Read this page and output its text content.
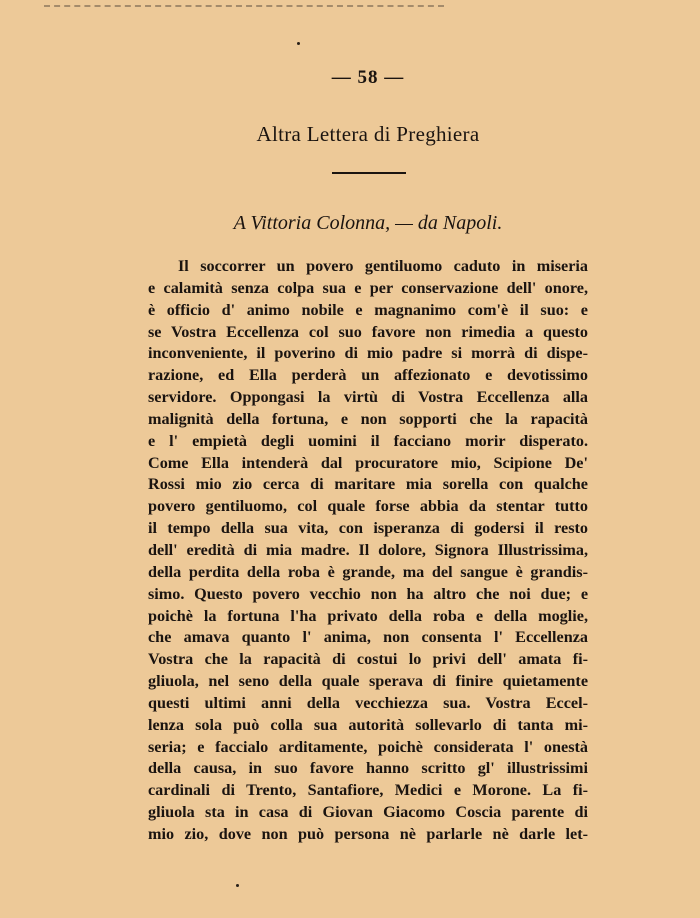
— 58 —
Altra Lettera di Preghiera
A Vittoria Colonna, — da Napoli.
Il soccorrer un povero gentiluomo caduto in miseria
e calamità senza colpa sua e per conservazione dell' onore,
è officio d' animo nobile e magnanimo com'è il suo: e
se Vostra Eccellenza col suo favore non rimedia a questo
inconveniente, il poverino di mio padre si morrà di dispe-
razione, ed Ella perderà un affezionato e devotissimo
servidore. Oppongasi la virtù di Vostra Eccellenza alla
malignità della fortuna, e non sopporti che la rapacità
e l' empietà degli uomini il facciano morir disperato.
Come Ella intenderà dal procuratore mio, Scipione De'
Rossi mio zio cerca di maritare mia sorella con qualche
povero gentiluomo, col quale forse abbia da stentar tutto
il tempo della sua vita, con isperanza di godersi il resto
dell' eredità di mia madre. Il dolore, Signora Illustrissima,
della perdita della roba è grande, ma del sangue è grandis-
simo. Questo povero vecchio non ha altro che noi due; e
poichè la fortuna l'ha privato della roba e della moglie,
che amava quanto l' anima, non consenta l' Eccellenza
Vostra che la rapacità di costui lo privi dell' amata fi-
gliuola, nel seno della quale sperava di finire quietamente
questi ultimi anni della vecchiezza sua. Vostra Eccel-
lenza sola può colla sua autorità sollevarlo di tanta mi-
seria; e faccialo arditamente, poichè considerata l' onestà
della causa, in suo favore hanno scritto gl' illustrissimi
cardinali di Trento, Santafiore, Medici e Morone. La fi-
gliuola sta in casa di Giovan Giacomo Coscia parente di
mio zio, dove non può persona nè parlarle nè darle let-
